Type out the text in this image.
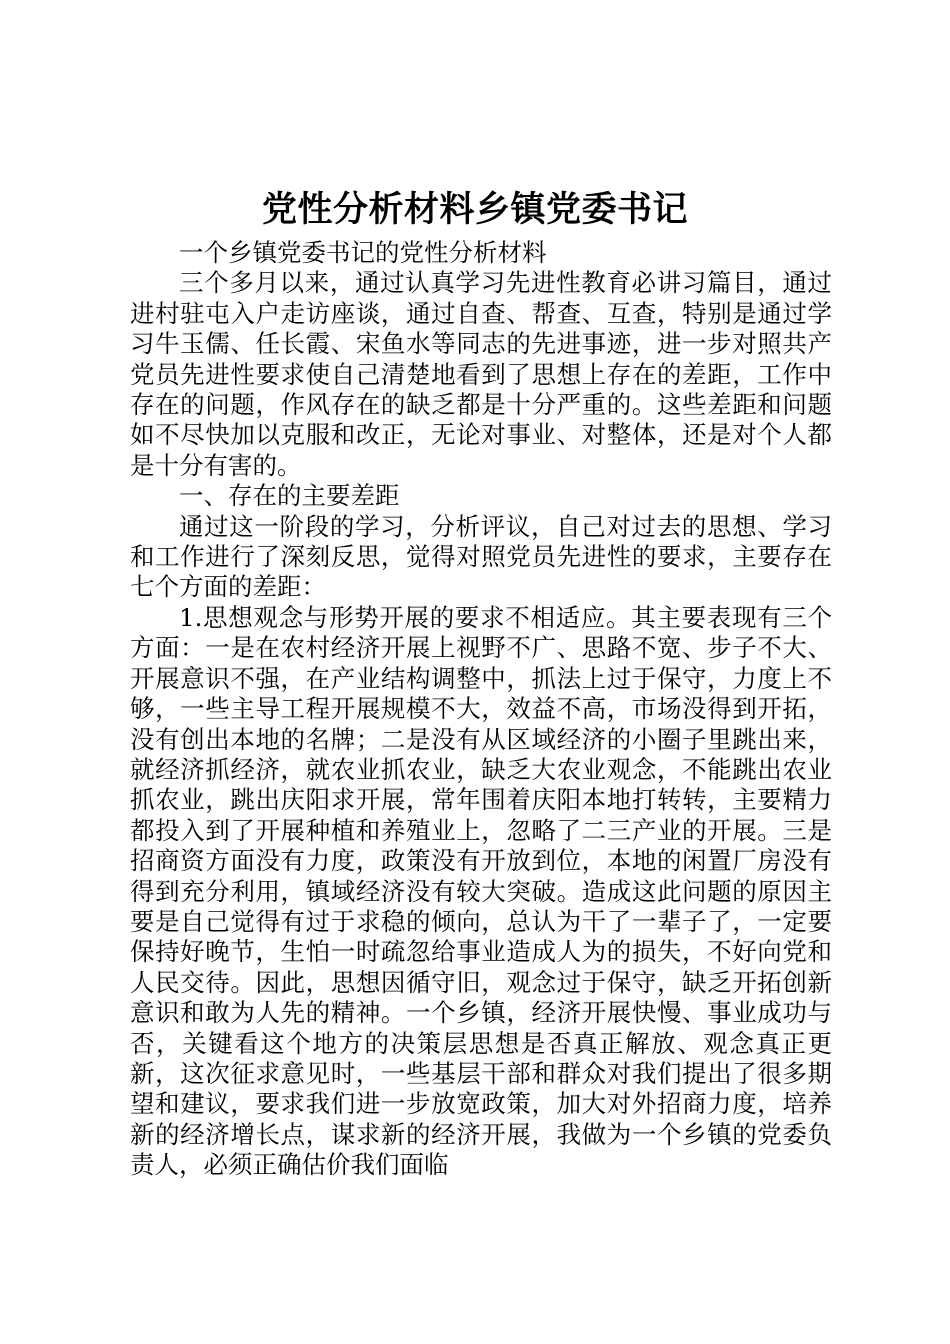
党性分析材料乡镇党委书记

一个乡镇党委书记的党性分析材料

三个多月以来，通过认真学习先进性教育必讲习篇目，通过进村驻屯入户走访座谈，通过自查、帮查、互查，特别是通过学习牛玉儒、任长霞、宋鱼水等同志的先进事迹，进一步对照共产党员先进性要求使自己清楚地看到了思想上存在的差距，工作中存在的问题，作风存在的缺乏都是十分严重的。这些差距和问题如不尽快加以克服和改正，无论对事业、对整体，还是对个人都是十分有害的。

一、存在的主要差距

通过这一阶段的学习，分析评议，自己对过去的思想、学习和工作进行了深刻反思，觉得对照党员先进性的要求，主要存在七个方面的差距：

1.思想观念与形势开展的要求不相适应。其主要表现有三个方面：一是在农村经济开展上视野不广、思路不宽、步子不大、开展意识不强，在产业结构调整中，抓法上过于保守，力度上不够，一些主导工程开展规模不大，效益不高，市场没得到开拓，没有创出本地的名牌；二是没有从区域经济的小圈子里跳出来，就经济抓经济，就农业抓农业，缺乏大农业观念，不能跳出农业抓农业，跳出庆阳求开展，常年围着庆阳本地打转转，主要精力都投入到了开展种植和养殖业上，忽略了二三产业的开展。三是招商资方面没有力度，政策没有开放到位，本地的闲置厂房没有得到充分利用，镇域经济没有较大突破。造成这此问题的原因主要是自己觉得有过于求稳的倾向，总认为干了一辈子了，一定要保持好晚节，生怕一时疏忽给事业造成人为的损失，不好向党和人民交待。因此，思想因循守旧，观念过于保守，缺乏开拓创新意识和敢为人先的精神。一个乡镇，经济开展快慢、事业成功与否，关键看这个地方的决策层思想是否真正解放、观念真正更新，这次征求意见时，一些基层干部和群众对我们提出了很多期望和建议，要求我们进一步放宽政策，加大对外招商力度，培养新的经济增长点，谋求新的经济开展，我做为一个乡镇的党委负责人，必须正确估价我们面临
